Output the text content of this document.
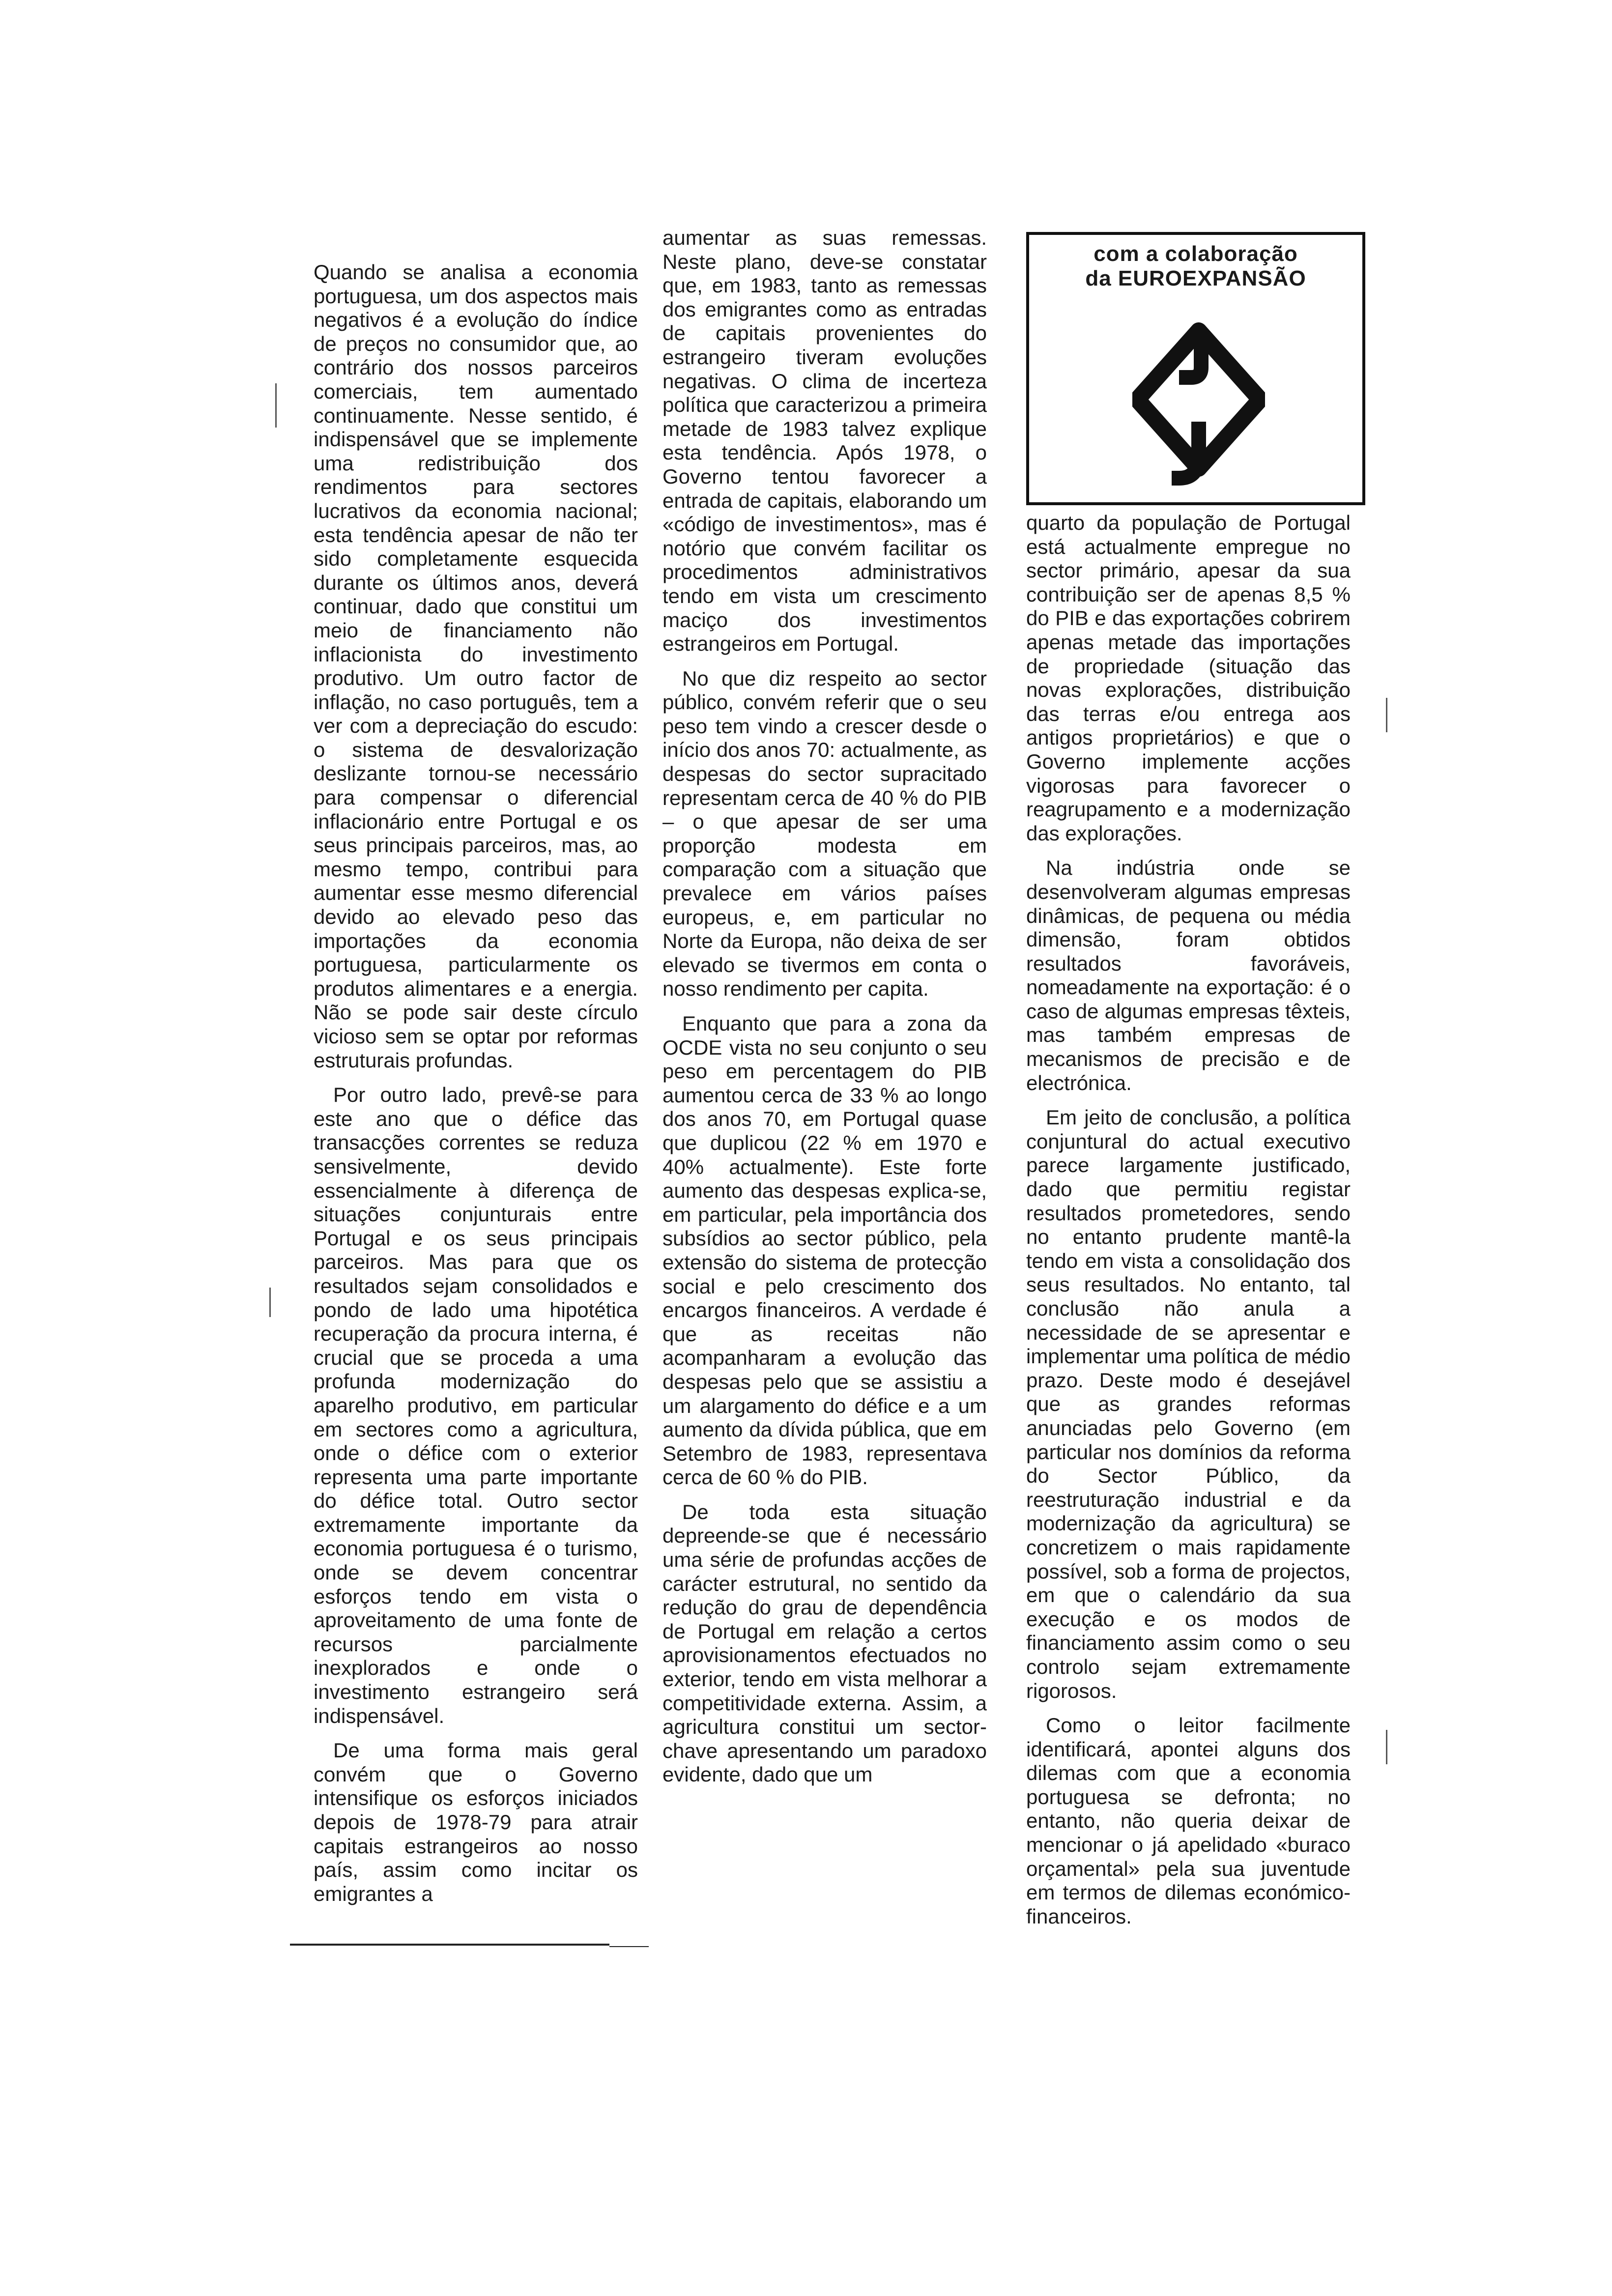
Quando se analisa a economia portuguesa, um dos aspectos mais negativos é a evolução do índice de preços no consumidor que, ao contrário dos nossos parceiros comerciais, tem aumentado continuamente. Nesse sentido, é indispensável que se implemente uma redistribuição dos rendimentos para sectores lucrativos da economia nacional; esta tendência apesar de não ter sido completamente esquecida durante os últimos anos, deverá continuar, dado que constitui um meio de financiamento não inflacionista do investimento produtivo. Um outro factor de inflação, no caso português, tem a ver com a depreciação do escudo: o sistema de desvalorização deslizante tornou-se necessário para compensar o diferencial inflacionário entre Portugal e os seus principais parceiros, mas, ao mesmo tempo, contribui para aumentar esse mesmo diferencial devido ao elevado peso das importações da economia portuguesa, particularmente os produtos alimentares e a energia. Não se pode sair deste círculo vicioso sem se optar por reformas estruturais profundas.

Por outro lado, prevê-se para este ano que o défice das transacções correntes se reduza sensivelmente, devido essencialmente à diferença de situações conjunturais entre Portugal e os seus principais parceiros. Mas para que os resultados sejam consolidados e pondo de lado uma hipotética recuperação da procura interna, é crucial que se proceda a uma profunda modernização do aparelho produtivo, em particular em sectores como a agricultura, onde o défice com o exterior representa uma parte importante do défice total. Outro sector extremamente importante da economia portuguesa é o turismo, onde se devem concentrar esforços tendo em vista o aproveitamento de uma fonte de recursos parcialmente inexplorados e onde o investimento estrangeiro será indispensável.

De uma forma mais geral convém que o Governo intensifique os esforços iniciados depois de 1978-79 para atrair capitais estrangeiros ao nosso país, assim como incitar os emigrantes a

aumentar as suas remessas. Neste plano, deve-se constatar que, em 1983, tanto as remessas dos emigrantes como as entradas de capitais provenientes do estrangeiro tiveram evoluções negativas. O clima de incerteza política que caracterizou a primeira metade de 1983 talvez explique esta tendência. Após 1978, o Governo tentou favorecer a entrada de capitais, elaborando um «código de investimentos», mas é notório que convém facilitar os procedimentos administrativos tendo em vista um crescimento maciço dos investimentos estrangeiros em Portugal.

No que diz respeito ao sector público, convém referir que o seu peso tem vindo a crescer desde o início dos anos 70: actualmente, as despesas do sector supracitado representam cerca de 40 % do PIB – o que apesar de ser uma proporção modesta em comparação com a situação que prevalece em vários países europeus, e, em particular no Norte da Europa, não deixa de ser elevado se tivermos em conta o nosso rendimento per capita.

Enquanto que para a zona da OCDE vista no seu conjunto o seu peso em percentagem do PIB aumentou cerca de 33 % ao longo dos anos 70, em Portugal quase que duplicou (22 % em 1970 e 40% actualmente). Este forte aumento das despesas explica-se, em particular, pela importância dos subsídios ao sector público, pela extensão do sistema de protecção social e pelo crescimento dos encargos financeiros. A verdade é que as receitas não acompanharam a evolução das despesas pelo que se assistiu a um alargamento do défice e a um aumento da dívida pública, que em Setembro de 1983, representava cerca de 60 % do PIB.

De toda esta situação depreende-se que é necessário uma série de profundas acções de carácter estrutural, no sentido da redução do grau de dependência de Portugal em relação a certos aprovisionamentos efectuados no exterior, tendo em vista melhorar a competitividade externa. Assim, a agricultura constitui um sector-chave apresentando um paradoxo evidente, dado que um

com a colaboração
da EUROEXPANSÃO

quarto da população de Portugal está actualmente empregue no sector primário, apesar da sua contribuição ser de apenas 8,5 % do PIB e das exportações cobrirem apenas metade das importações de propriedade (situação das novas explorações, distribuição das terras e/ou entrega aos antigos proprietários) e que o Governo implemente acções vigorosas para favorecer o reagrupamento e a modernização das explorações.

Na indústria onde se desenvolveram algumas empresas dinâmicas, de pequena ou média dimensão, foram obtidos resultados favoráveis, nomeadamente na exportação: é o caso de algumas empresas têxteis, mas também empresas de mecanismos de precisão e de electrónica.

Em jeito de conclusão, a política conjuntural do actual executivo parece largamente justificado, dado que permitiu registar resultados prometedores, sendo no entanto prudente mantê-la tendo em vista a consolidação dos seus resultados. No entanto, tal conclusão não anula a necessidade de se apresentar e implementar uma política de médio prazo. Deste modo é desejável que as grandes reformas anunciadas pelo Governo (em particular nos domínios da reforma do Sector Público, da reestruturação industrial e da modernização da agricultura) se concretizem o mais rapidamente possível, sob a forma de projectos, em que o calendário da sua execução e os modos de financiamento assim como o seu controlo sejam extremamente rigorosos.

Como o leitor facilmente identificará, apontei alguns dos dilemas com que a economia portuguesa se defronta; no entanto, não queria deixar de mencionar o já apelidado «buraco orçamental» pela sua juventude em termos de dilemas económico-financeiros.
